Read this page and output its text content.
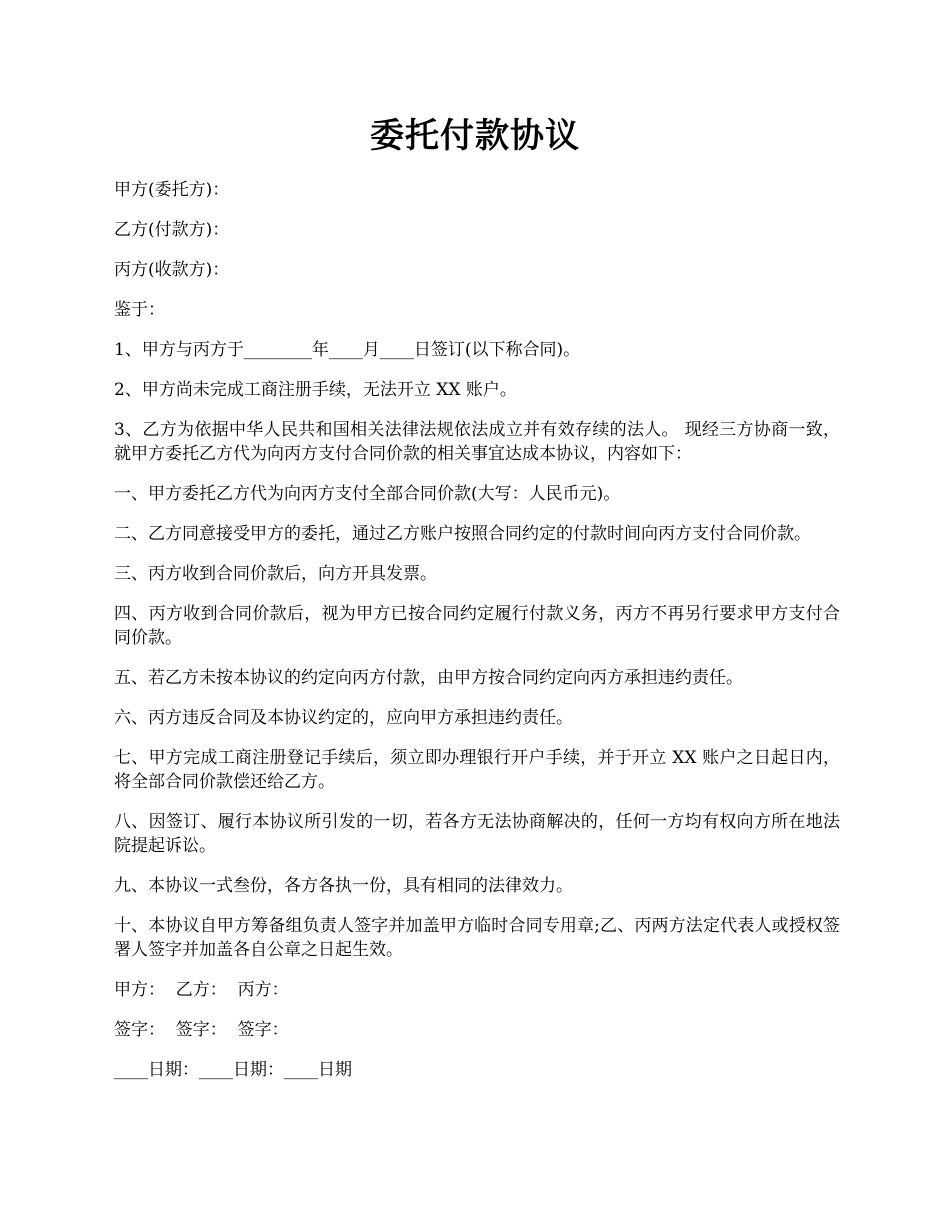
委托付款协议

甲方(委托方)：

乙方(付款方)：

丙方(收款方)：

鉴于：

1、甲方与丙方于________年____月____日签订(以下称合同)。

2、甲方尚未完成工商注册手续，无法开立 XX 账户。

3、乙方为依据中华人民共和国相关法律法规依法成立并有效存续的法人。 现经三方协商一致，就甲方委托乙方代为向丙方支付合同价款的相关事宜达成本协议，内容如下：

一、甲方委托乙方代为向丙方支付全部合同价款(大写：人民币元)。

二、乙方同意接受甲方的委托，通过乙方账户按照合同约定的付款时间向丙方支付合同价款。

三、丙方收到合同价款后，向方开具发票。

四、丙方收到合同价款后，视为甲方已按合同约定履行付款义务，丙方不再另行要求甲方支付合同价款。

五、若乙方未按本协议的约定向丙方付款，由甲方按合同约定向丙方承担违约责任。

六、丙方违反合同及本协议约定的，应向甲方承担违约责任。

七、甲方完成工商注册登记手续后，须立即办理银行开户手续，并于开立 XX 账户之日起日内，将全部合同价款偿还给乙方。

八、因签订、履行本协议所引发的一切，若各方无法协商解决的，任何一方均有权向方所在地法院提起诉讼。

九、本协议一式叁份，各方各执一份，具有相同的法律效力。

十、本协议自甲方筹备组负责人签字并加盖甲方临时合同专用章;乙、丙两方法定代表人或授权签署人签字并加盖各自公章之日起生效。

甲方：  乙方：  丙方：

签字：  签字：  签字：

____日期：____日期：____日期
